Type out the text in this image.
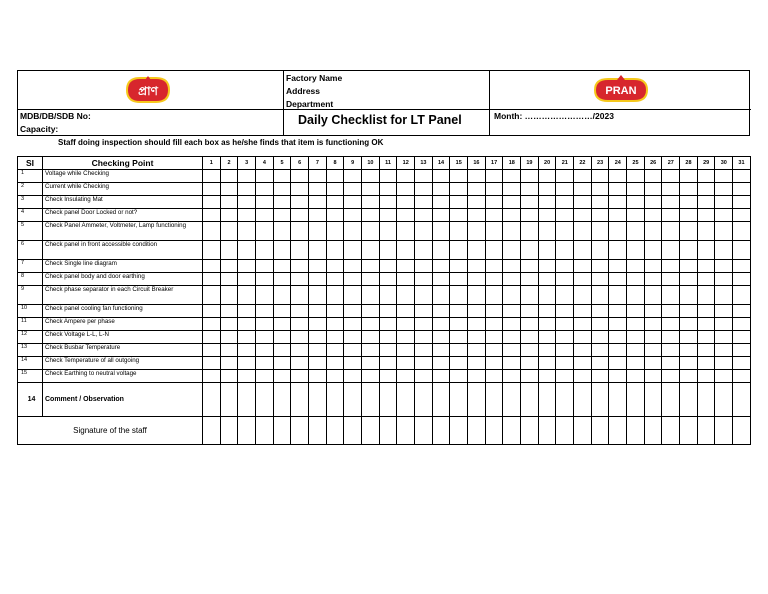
প্রাণ
Factory Name
Address
Department
PRAN
MDB/DB/SDB No:
Capacity:
Daily Checklist for LT Panel	Month: ……………………/2023
Staff doing inspection should fill each box as he/she finds that item is functioning OK
SI	Checking Point	1	2	3	4	5	6	7	8	9	10	11	12	13	14	15	16	17	18	19	20	21	22	23	24	25	26	27	28	29	30	31
1	Voltage while Checking																															
2	Current while Checking																															
3	Check Insulating Mat																															
4	Check panel Door Locked or not?																															
5	Check Panel Ammeter, Voltmeter, Lamp functioning																															
6	Check panel in front accessible condition																															
7	Check Single line diagram																															
8	Check panel body and door earthing																															
9	Check phase separator in each Circuit Breaker																															
10	Check panel cooling fan functioning																															
11	Check Ampere per phase																															
12	Check Voltage L-L, L-N																															
13	Check Busbar Temperature																															
14	Check Temperature of all outgoing																															
15	Check Earthing to neutral voltage																															
14	Comment / Observation																															
Signature of the staff																																
